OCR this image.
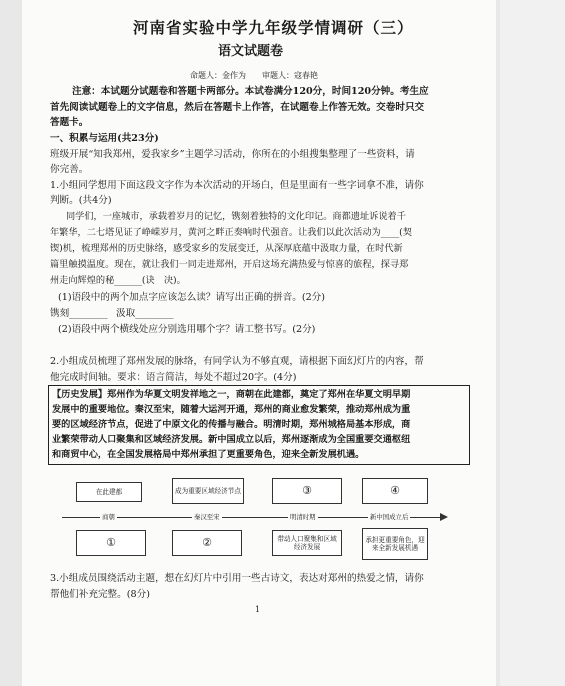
河南省实验中学九年级学情调研（三）
语文试题卷
命题人：金作为　　审题人：寇春艳
注意：本试题分试题卷和答题卡两部分。本试卷满分120分，时间120分钟。考生应
首先阅读试题卷上的文字信息，然后在答题卡上作答，在试题卷上作答无效。交卷时只交
答题卡。
一、积累与运用(共23分)
班级开展“知我郑州，爱我家乡”主题学习活动，你所在的小组搜集整理了一些资料，请
你完善。
1.小组同学想用下面这段文字作为本次活动的开场白，但是里面有一些字词拿不准，请你
判断。(共4分)
同学们，一座城市，承载着岁月的记忆，镌刻着独特的文化印记。商都遗址诉说着千
年繁华，二七塔见证了峥嵘岁月，黄河之畔正奏响时代强音。让我们以此次活动为____(契
锲)机，梳理郑州的历史脉络，感受家乡的发展变迁，从深厚底蕴中汲取力量，在时代新
篇里触摸温度。现在，就让我们一同走进郑州，开启这场充满热爱与惊喜的旅程，探寻郑
州走向辉煌的秘______(诀　决)。
(1)语段中的两个加点字应该怎么读？请写出正确的拼音。(2分)
镌刻________ 汲取________
(2)语段中两个横线处应分别选用哪个字？请工整书写。(2分)
2.小组成员梳理了郑州发展的脉络，有同学认为不够直观，请根据下面幻灯片的内容，帮
他完成时间轴。要求：语言简洁，每处不超过20字。(4分)
【历史发展】郑州作为华夏文明发祥地之一，商朝在此建都，奠定了郑州在华夏文明早期
发展中的重要地位。秦汉至宋，随着大运河开通，郑州的商业愈发繁荣，推动郑州成为重
要的区域经济节点，促进了中原文化的传播与融合。明清时期，郑州城格局基本形成，商
业繁荣带动人口聚集和区域经济发展。新中国成立以后，郑州逐渐成为全国重要交通枢纽
和商贸中心，在全国发展格局中郑州承担了更重要角色，迎来全新发展机遇。
在此建都	成为重要区域经济节点	③	④
商朝	秦汉至宋	明清时期	新中国成立后
①	②	带动人口聚集和区域经济发展
承担更重要角色，迎来全新发展机遇
3.小组成员围绕活动主题，想在幻灯片中引用一些古诗文，表达对郑州的热爱之情，请你
帮他们补充完整。(8分)
1
